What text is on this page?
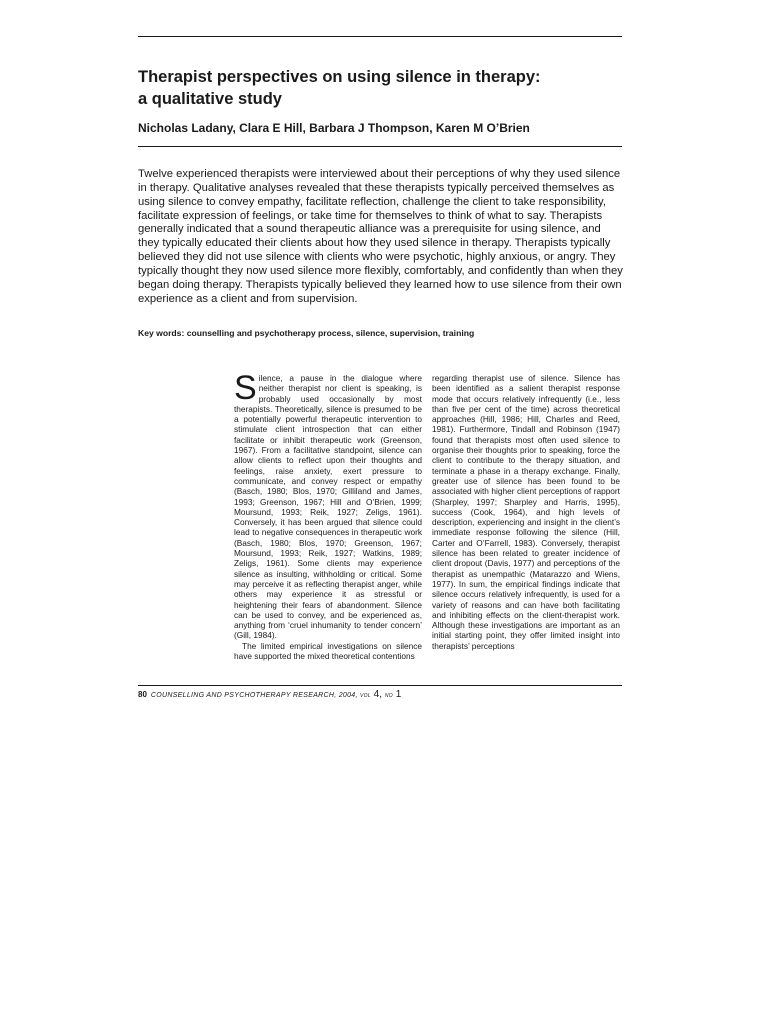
Therapist perspectives on using silence in therapy:
a qualitative study
Nicholas Ladany, Clara E Hill, Barbara J Thompson, Karen M O’Brien

Twelve experienced therapists were interviewed about their perceptions of why they used silence in therapy. Qualitative analyses revealed that these therapists typically perceived themselves as using silence to convey empathy, facilitate reflection, challenge the client to take responsibility, facilitate expression of feelings, or take time for themselves to think of what to say. Therapists generally indicated that a sound therapeutic alliance was a prerequisite for using silence, and they typically educated their clients about how they used silence in therapy. Therapists typically believed they did not use silence with clients who were psychotic, highly anxious, or angry. They typically thought they now used silence more flexibly, comfortably, and confidently than when they began doing therapy. Therapists typically believed they learned how to use silence from their own experience as a client and from supervision.

Key words: counselling and psychotherapy process, silence, supervision, training

Silence, a pause in the dialogue where neither therapist nor client is speaking, is probably used occasionally by most therapists. Theoretically, silence is presumed to be a potentially powerful therapeutic intervention to stimulate client introspection that can either facilitate or inhibit therapeutic work (Greenson, 1967). From a facilitative standpoint, silence can allow clients to reflect upon their thoughts and feelings, raise anxiety, exert pressure to communicate, and convey respect or empathy (Basch, 1980; Blos, 1970; Gilliland and James, 1993; Greenson, 1967; Hill and O’Brien, 1999; Moursund, 1993; Reik, 1927; Zeligs, 1961). Conversely, it has been argued that silence could lead to negative consequences in therapeutic work (Basch, 1980; Blos, 1970; Greenson, 1967; Moursund, 1993; Reik, 1927; Watkins, 1989; Zeligs, 1961). Some clients may experience silence as insulting, withholding or critical. Some may perceive it as reflecting therapist anger, while others may experience it as stressful or heightening their fears of abandonment. Silence can be used to convey, and be experienced as, anything from ‘cruel inhumanity to tender concern’ (Gill, 1984).

The limited empirical investigations on silence have supported the mixed theoretical contentions

regarding therapist use of silence. Silence has been identified as a salient therapist response mode that occurs relatively infrequently (i.e., less than five per cent of the time) across theoretical approaches (Hill, 1986; Hill, Charles and Reed, 1981). Furthermore, Tindall and Robinson (1947) found that therapists most often used silence to organise their thoughts prior to speaking, force the client to contribute to the therapy situation, and terminate a phase in a therapy exchange. Finally, greater use of silence has been found to be associated with higher client perceptions of rapport (Sharpley, 1997; Sharpley and Harris, 1995), success (Cook, 1964), and high levels of description, experiencing and insight in the client’s immediate response following the silence (Hill, Carter and O’Farrell, 1983). Conversely, therapist silence has been related to greater incidence of client dropout (Davis, 1977) and perceptions of the therapist as unempathic (Matarazzo and Wiens, 1977). In sum, the empirical findings indicate that silence occurs relatively infrequently, is used for a variety of reasons and can have both facilitating and inhibiting effects on the client-therapist work. Although these investigations are important as an initial starting point, they offer limited insight into therapists’ perceptions

80 COUNSELLING AND PSYCHOTHERAPY RESEARCH, 2004, vol 4, no 1
